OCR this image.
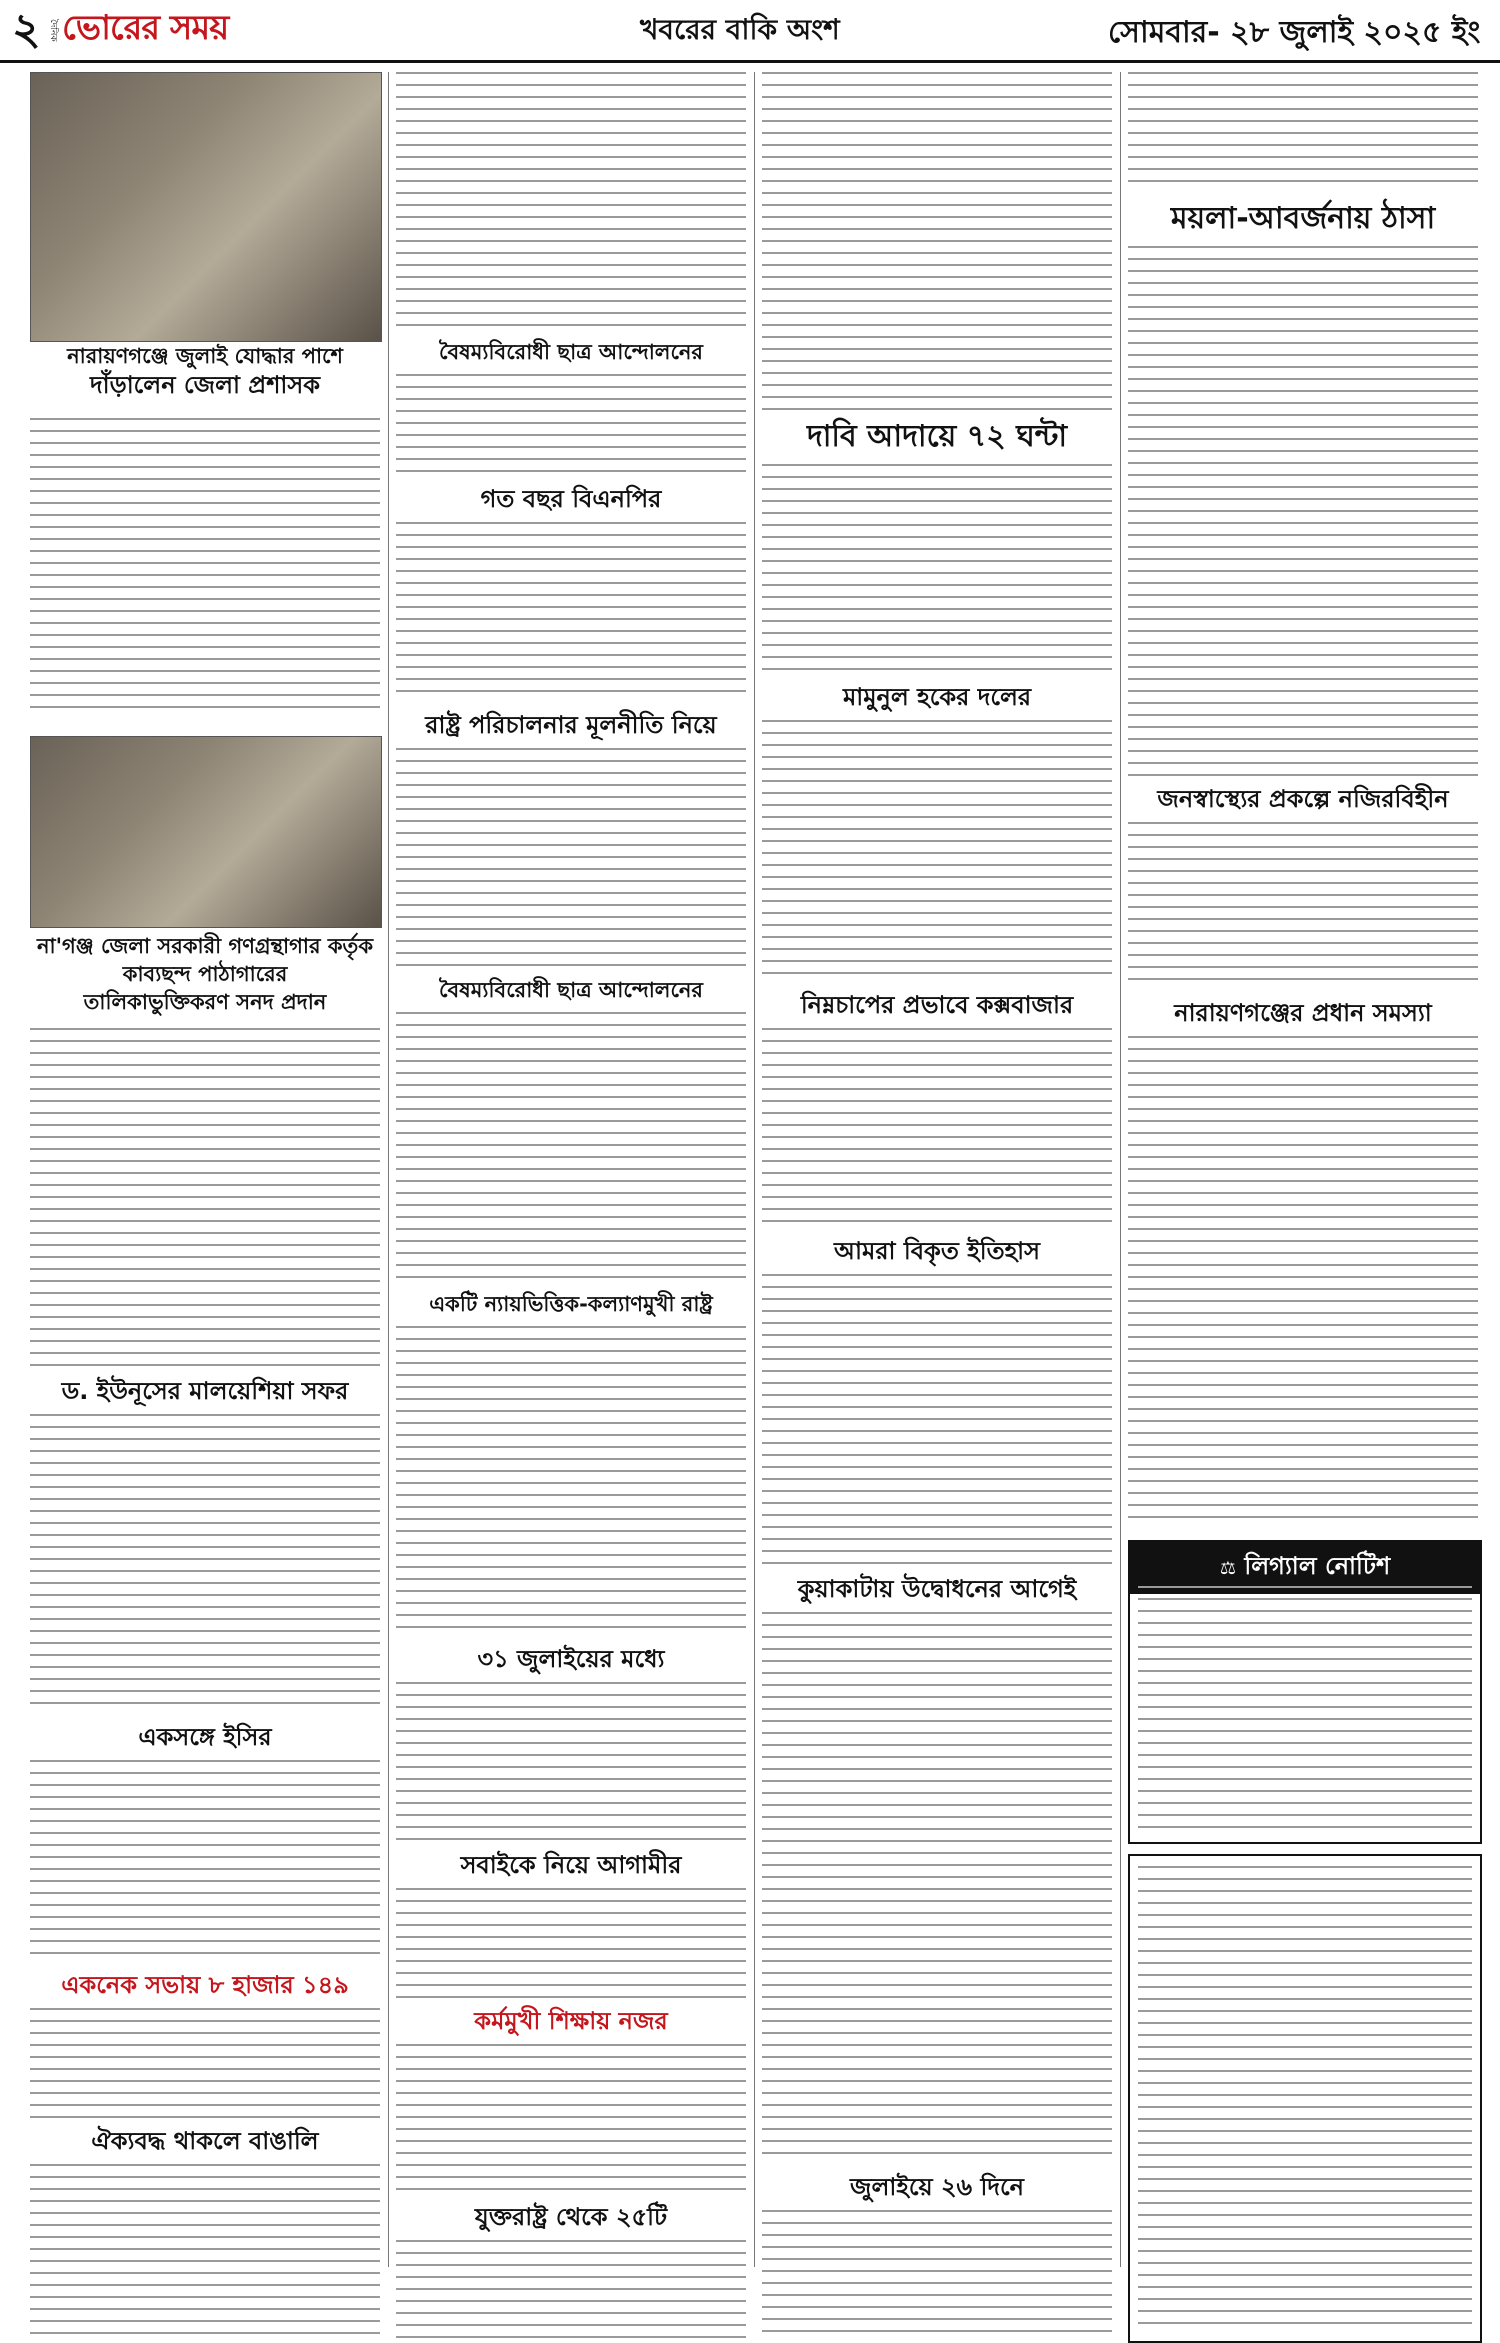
২ দৈনিক ভোরের সময়	খবরের বাকি অংশ	সোমবার- ২৮ জুলাই ২০২৫ ইং
নারায়ণগঞ্জে জুলাই যোদ্ধার পাশে
দাঁড়ালেন জেলা প্রশাসক
না'গঞ্জ জেলা সরকারী গণগ্রন্থাগার কর্তৃক
কাব্যছন্দ পাঠাগারের
তালিকাভুক্তিকরণ সনদ প্রদান
ড. ইউনূসের মালয়েশিয়া সফর
একসঙ্গে ইসির
একনেক সভায় ৮ হাজার ১৪৯
ঐক্যবদ্ধ থাকলে বাঙালি
বৈষম্যবিরোধী ছাত্র আন্দোলনের
গত বছর বিএনপির
রাষ্ট্র পরিচালনার মূলনীতি নিয়ে
বৈষম্যবিরোধী ছাত্র আন্দোলনের
একটি ন্যায়ভিত্তিক-কল্যাণমুখী রাষ্ট্র
৩১ জুলাইয়ের মধ্যে
সবাইকে নিয়ে আগামীর
কর্মমুখী শিক্ষায় নজর
যুক্তরাষ্ট্র থেকে ২৫টি
দাবি আদায়ে ৭২ ঘন্টা
মামুনুল হকের দলের
নিম্নচাপের প্রভাবে কক্সবাজার
আমরা বিকৃত ইতিহাস
কুয়াকাটায় উদ্বোধনের আগেই
জুলাইয়ে ২৬ দিনে
ময়লা-আবর্জনায় ঠাসা
জনস্বাস্থ্যের প্রকল্পে নজিরবিহীন
নারায়ণগঞ্জের প্রধান সমস্যা
⚖ লিগ্যাল নোটিশ
